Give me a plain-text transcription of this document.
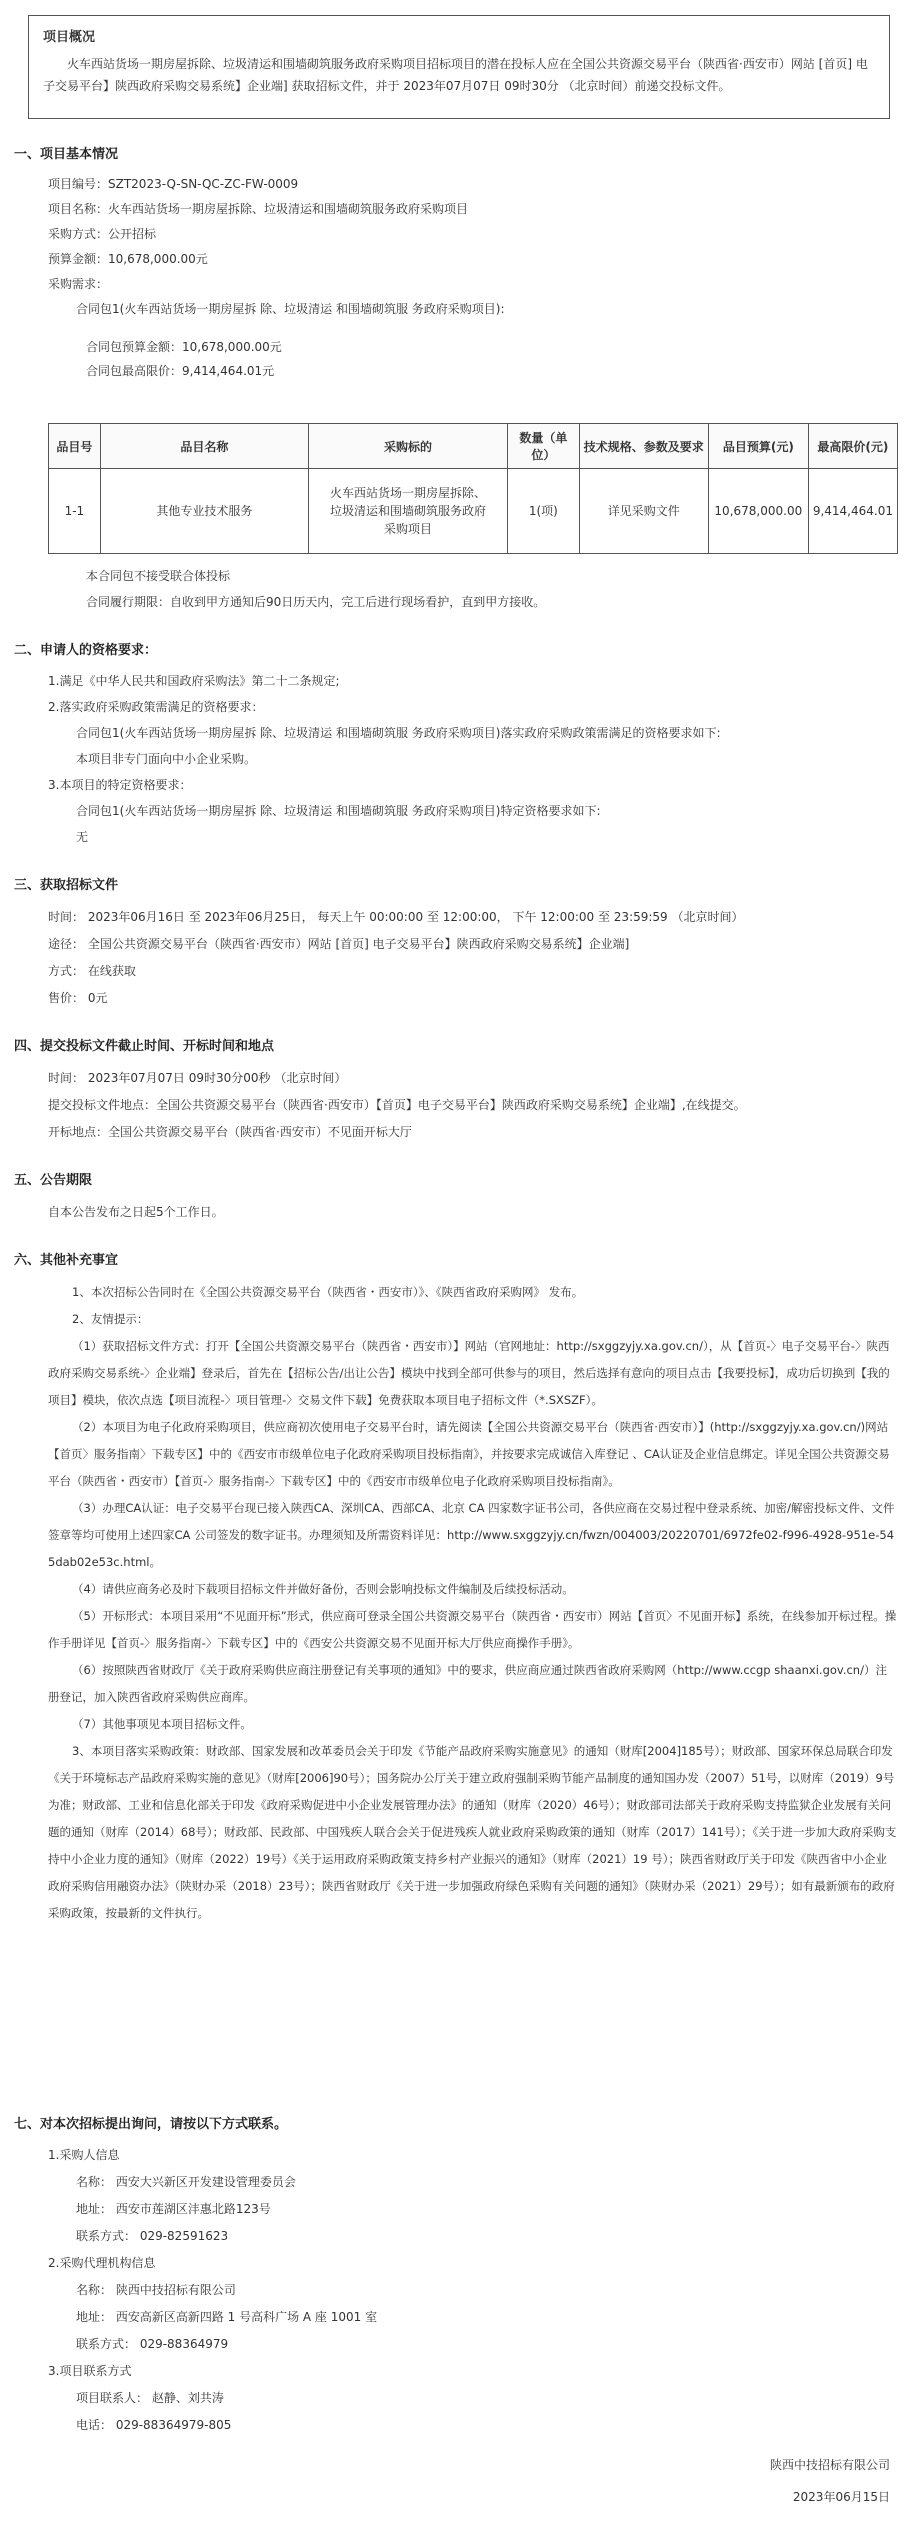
项目概况
火车西站货场一期房屋拆除、垃圾清运和围墙砌筑服务政府采购项目招标项目的潜在投标人应在全国公共资源交易平台（陕西省·西安市）网站 [首页] 电子交易平台】陕西政府采购交易系统】企业端] 获取招标文件，并于 2023年07月07日 09时30分 （北京时间）前递交投标文件。
一、项目基本情况
项目编号：SZT2023-Q-SN-QC-ZC-FW-0009
项目名称：火车西站货场一期房屋拆除、垃圾清运和围墙砌筑服务政府采购项目
采购方式：公开招标
预算金额：10,678,000.00元
采购需求：
合同包1(火车西站货场一期房屋拆 除、垃圾清运 和围墙砌筑服 务政府采购项目):
合同包预算金额：10,678,000.00元
合同包最高限价：9,414,464.01元
品目号	品目名称	采购标的	数量（单位）	技术规格、参数及要求	品目预算(元)	最高限价(元)
1-1	其他专业技术服务	火车西站货场一期房屋拆除、垃圾清运和围墙砌筑服务政府采购项目	1(项)	详见采购文件	10,678,000.00	9,414,464.01
本合同包不接受联合体投标
合同履行期限：自收到甲方通知后90日历天内，完工后进行现场看护，直到甲方接收。
二、申请人的资格要求：
1.满足《中华人民共和国政府采购法》第二十二条规定;
2.落实政府采购政策需满足的资格要求：
合同包1(火车西站货场一期房屋拆 除、垃圾清运 和围墙砌筑服 务政府采购项目)落实政府采购政策需满足的资格要求如下:
本项目非专门面向中小企业采购。
3.本项目的特定资格要求：
合同包1(火车西站货场一期房屋拆 除、垃圾清运 和围墙砌筑服 务政府采购项目)特定资格要求如下:
无
三、获取招标文件
时间： 2023年06月16日 至 2023年06月25日， 每天上午 00:00:00 至 12:00:00， 下午 12:00:00 至 23:59:59 （北京时间）
途径： 全国公共资源交易平台（陕西省·西安市）网站 [首页] 电子交易平台】陕西政府采购交易系统】企业端]
方式： 在线获取
售价： 0元
四、提交投标文件截止时间、开标时间和地点
时间： 2023年07月07日 09时30分00秒 （北京时间）
提交投标文件地点：全国公共资源交易平台（陕西省·西安市）【首页】电子交易平台】陕西政府采购交易系统】企业端】,在线提交。
开标地点：全国公共资源交易平台（陕西省·西安市）不见面开标大厅
五、公告期限
自本公告发布之日起5个工作日。
六、其他补充事宜

1、本次招标公告同时在《全国公共资源交易平台（陕西省・西安市）》、《陕西省政府采购网》 发布。

2、友情提示：

（1）获取招标文件方式：打开【全国公共资源交易平台（陕西省・西安市）】网站（官网地址：http://sxggzyjy.xa.gov.cn/），从【首页-〉电子交易平台-〉陕西政府采购交易系统-〉企业端】登录后，首先在【招标公告/出让公告】模块中找到全部可供参与的项目，然后选择有意向的项目点击【我要投标】，成功后切换到【我的项目】模块，依次点选【项目流程-〉项目管理-〉交易文件下载】免费获取本项目电子招标文件（*.SXSZF）。

（2）本项目为电子化政府采购项目，供应商初次使用电子交易平台时，请先阅读【全国公共资源交易平台（陕西省·西安市）】(http://sxggzyjy.xa.gov.cn/)网站【首页〉服务指南〉下载专区】中的《西安市市级单位电子化政府采购项目投标指南》，并按要求完成诚信入库登记 、CA认证及企业信息绑定。详见全国公共资源交易平台（陕西省・西安市）【首页-〉服务指南-〉下载专区】中的《西安市市级单位电子化政府采购项目投标指南》。

（3）办理CA认证：电子交易平台现已接入陕西CA、深圳CA、西部CA、北京 CA 四家数字证书公司，各供应商在交易过程中登录系统、加密/解密投标文件、文件签章等均可使用上述四家CA 公司签发的数字证书。办理须知及所需资料详见：http://www.sxggzyjy.cn/fwzn/004003/20220701/6972fe02-f996-4928-951e-545dab02e53c.html。

（4）请供应商务必及时下载项目招标文件并做好备份，否则会影响投标文件编制及后续投标活动。

（5）开标形式：本项目采用“不见面开标”形式，供应商可登录全国公共资源交易平台（陕西省・西安市）网站【首页〉不见面开标】系统，在线参加开标过程。操作手册详见【首页-〉服务指南-〉下载专区】中的《西安公共资源交易不见面开标大厅供应商操作手册》。

（6）按照陕西省财政厅《关于政府采购供应商注册登记有关事项的通知》中的要求，供应商应通过陕西省政府采购网（http://www.ccgp shaanxi.gov.cn/）注册登记，加入陕西省政府采购供应商库。

（7）其他事项见本项目招标文件。

3、本项目落实采购政策：财政部、国家发展和改革委员会关于印发《节能产品政府采购实施意见》的通知（财库[2004]185号）；财政部、国家环保总局联合印发《关于环境标志产品政府采购实施的意见》（财库[2006]90号）；国务院办公厅关于建立政府强制采购节能产品制度的通知国办发（2007）51号，以财库（2019）9号为准；财政部、工业和信息化部关于印发《政府采购促进中小企业发展管理办法》的通知（财库（2020）46号）；财政部司法部关于政府采购支持监狱企业发展有关问题的通知（财库（2014）68号）；财政部、民政部、中国残疾人联合会关于促进残疾人就业政府采购政策的通知（财库（2017）141号）；《关于进一步加大政府采购支持中小企业力度的通知》（财库（2022）19号）《关于运用政府采购政策支持乡村产业振兴的通知》（财库（2021）19 号）；陕西省财政厅关于印发《陕西省中小企业政府采购信用融资办法》（陕财办采（2018）23号）；陕西省财政厅《关于进一步加强政府绿色采购有关问题的通知》（陕财办采（2021）29号）；如有最新颁布的政府采购政策，按最新的文件执行。

七、对本次招标提出询问，请按以下方式联系。
1.采购人信息
名称： 西安大兴新区开发建设管理委员会
地址： 西安市莲湖区沣惠北路123号
联系方式： 029-82591623
2.采购代理机构信息
名称： 陕西中技招标有限公司
地址： 西安高新区高新四路 1 号高科广场 A 座 1001 室
联系方式： 029-88364979
3.项目联系方式
项目联系人： 赵静、刘共涛
电话： 029-88364979-805
陕西中技招标有限公司
2023年06月15日
